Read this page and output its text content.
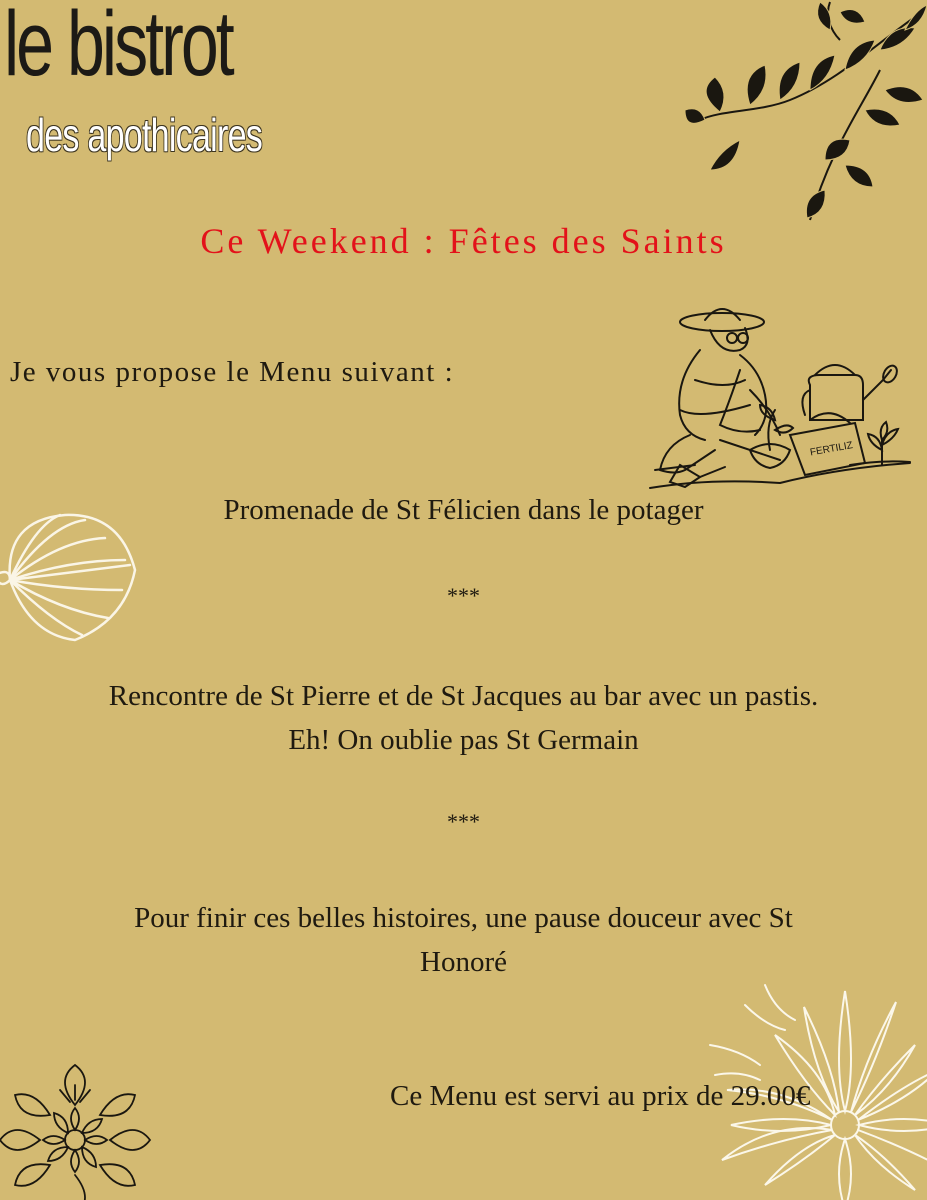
le bistrot
des apothicaires
Ce Weekend : Fêtes des Saints
Je vous propose le Menu suivant :
FERTILIZ
Promenade de St Félicien dans le potager
***
Rencontre de St Pierre et de St Jacques au bar avec un pastis.
Eh! On oublie pas St Germain
***
Pour finir ces belles histoires, une pause douceur avec St
Honoré
Ce Menu est servi au prix de 29.00€
